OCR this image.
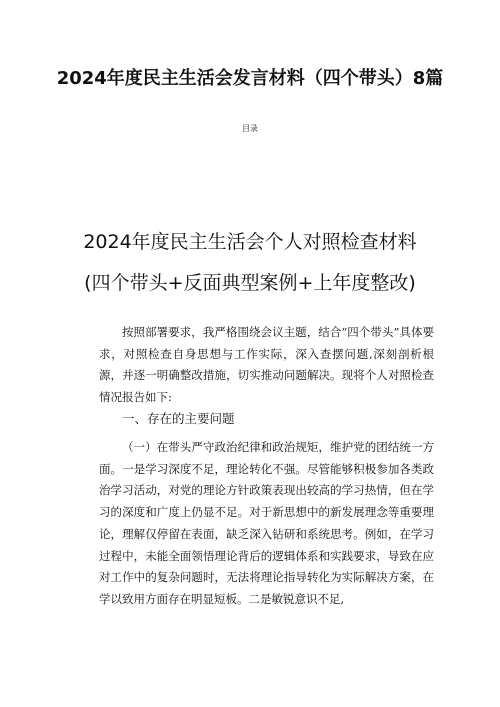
2024年度民主生活会发言材料（四个带头）8篇
目录
2024年度民主生活会个人对照检查材料
(四个带头+反面典型案例+上年度整改)

按照部署要求，我严格围绕会议主题，结合“四个带头”具体要求，对照检查自身思想与工作实际，深入查摆问题,深刻剖析根源，并逐一明确整改措施，切实推动问题解决。现将个人对照检查情况报告如下:

一、存在的主要问题

（一）在带头严守政治纪律和政治规矩，维护党的团结统一方面。一是学习深度不足，理论转化不强。尽管能够积极参加各类政治学习活动，对党的理论方针政策表现出较高的学习热情，但在学习的深度和广度上仍显不足。对于新思想中的新发展理念等重要理论，理解仅停留在表面，缺乏深入钻研和系统思考。例如，在学习过程中，未能全面领悟理论背后的逻辑体系和实践要求，导致在应对工作中的复杂问题时，无法将理论指导转化为实际解决方案，在学以致用方面存在明显短板。二是敏锐意识不足,
